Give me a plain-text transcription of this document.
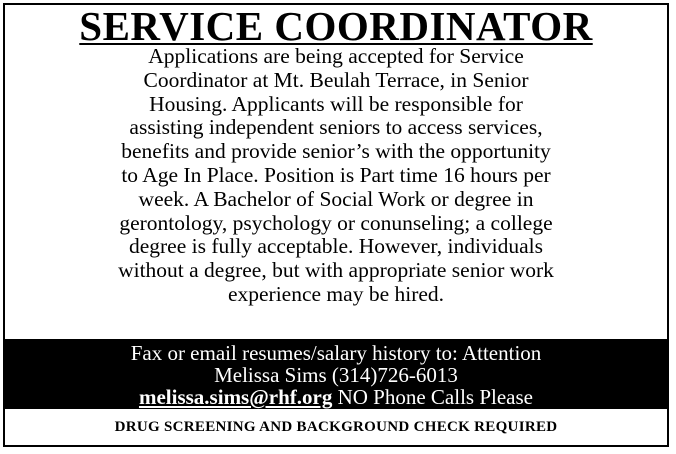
SERVICE COORDINATOR
Applications are being accepted for Service
Coordinator at Mt. Beulah Terrace, in Senior
Housing. Applicants will be responsible for
assisting independent seniors to access services,
benefits and provide senior’s with the opportunity
to Age In Place. Position is Part time 16 hours per
week. A Bachelor of Social Work or degree in
gerontology, psychology or conunseling; a college
degree is fully acceptable. However, individuals
without a degree, but with appropriate senior work
experience may be hired.
Fax or email resumes/salary history to: Attention
Melissa Sims (314)726-6013
melissa.sims@rhf.org NO Phone Calls Please
DRUG SCREENING AND BACKGROUND CHECK REQUIRED
